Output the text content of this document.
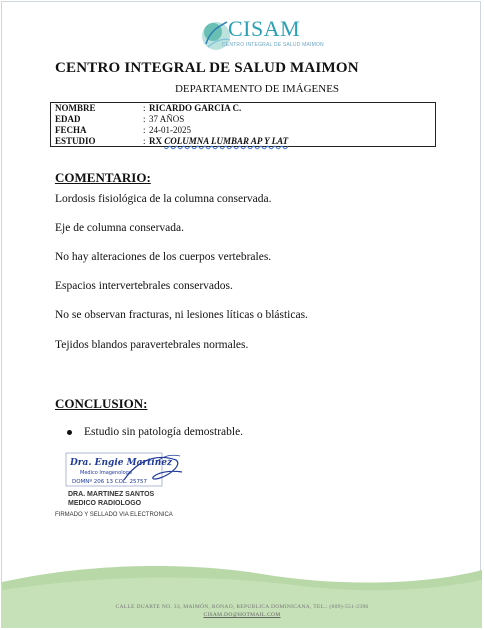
CISAM
CENTRO INTEGRAL DE SALUD MAIMON
CENTRO INTEGRAL DE SALUD MAIMON
DEPARTAMENTO DE IMÁGENES
NOMBRE	: RICARDO GARCIA C.
EDAD	: 37 AÑOS
FECHA	: 24-01-2025
ESTUDIO	: RX COLUMNA LUMBAR AP Y LAT
COMENTARIO:
Lordosis fisiológica de la columna conservada.
Eje de columna conservada.
No hay alteraciones de los cuerpos vertebrales.
Espacios intervertebrales conservados.
No se observan fracturas, ni lesiones líticas o blásticas.
Tejidos blandos paravertebrales normales.
CONCLUSION:
Estudio sin patología demostrable.
Dra. Engie Martinez
Medico Imagenologo
DOMNº 206 13 COL. 25757
DRA. MARTINEZ SANTOS
MEDICO RADIOLOGO
FIRMADO Y SELLADO VIA ELECTRONICA
CALLE DUARTE NO. 33, MAIMÓN, BONAO, REPUBLICA DOMINICANA, TEL.: (809)-551-2396
CISAM.DO@HOTMAIL.COM
